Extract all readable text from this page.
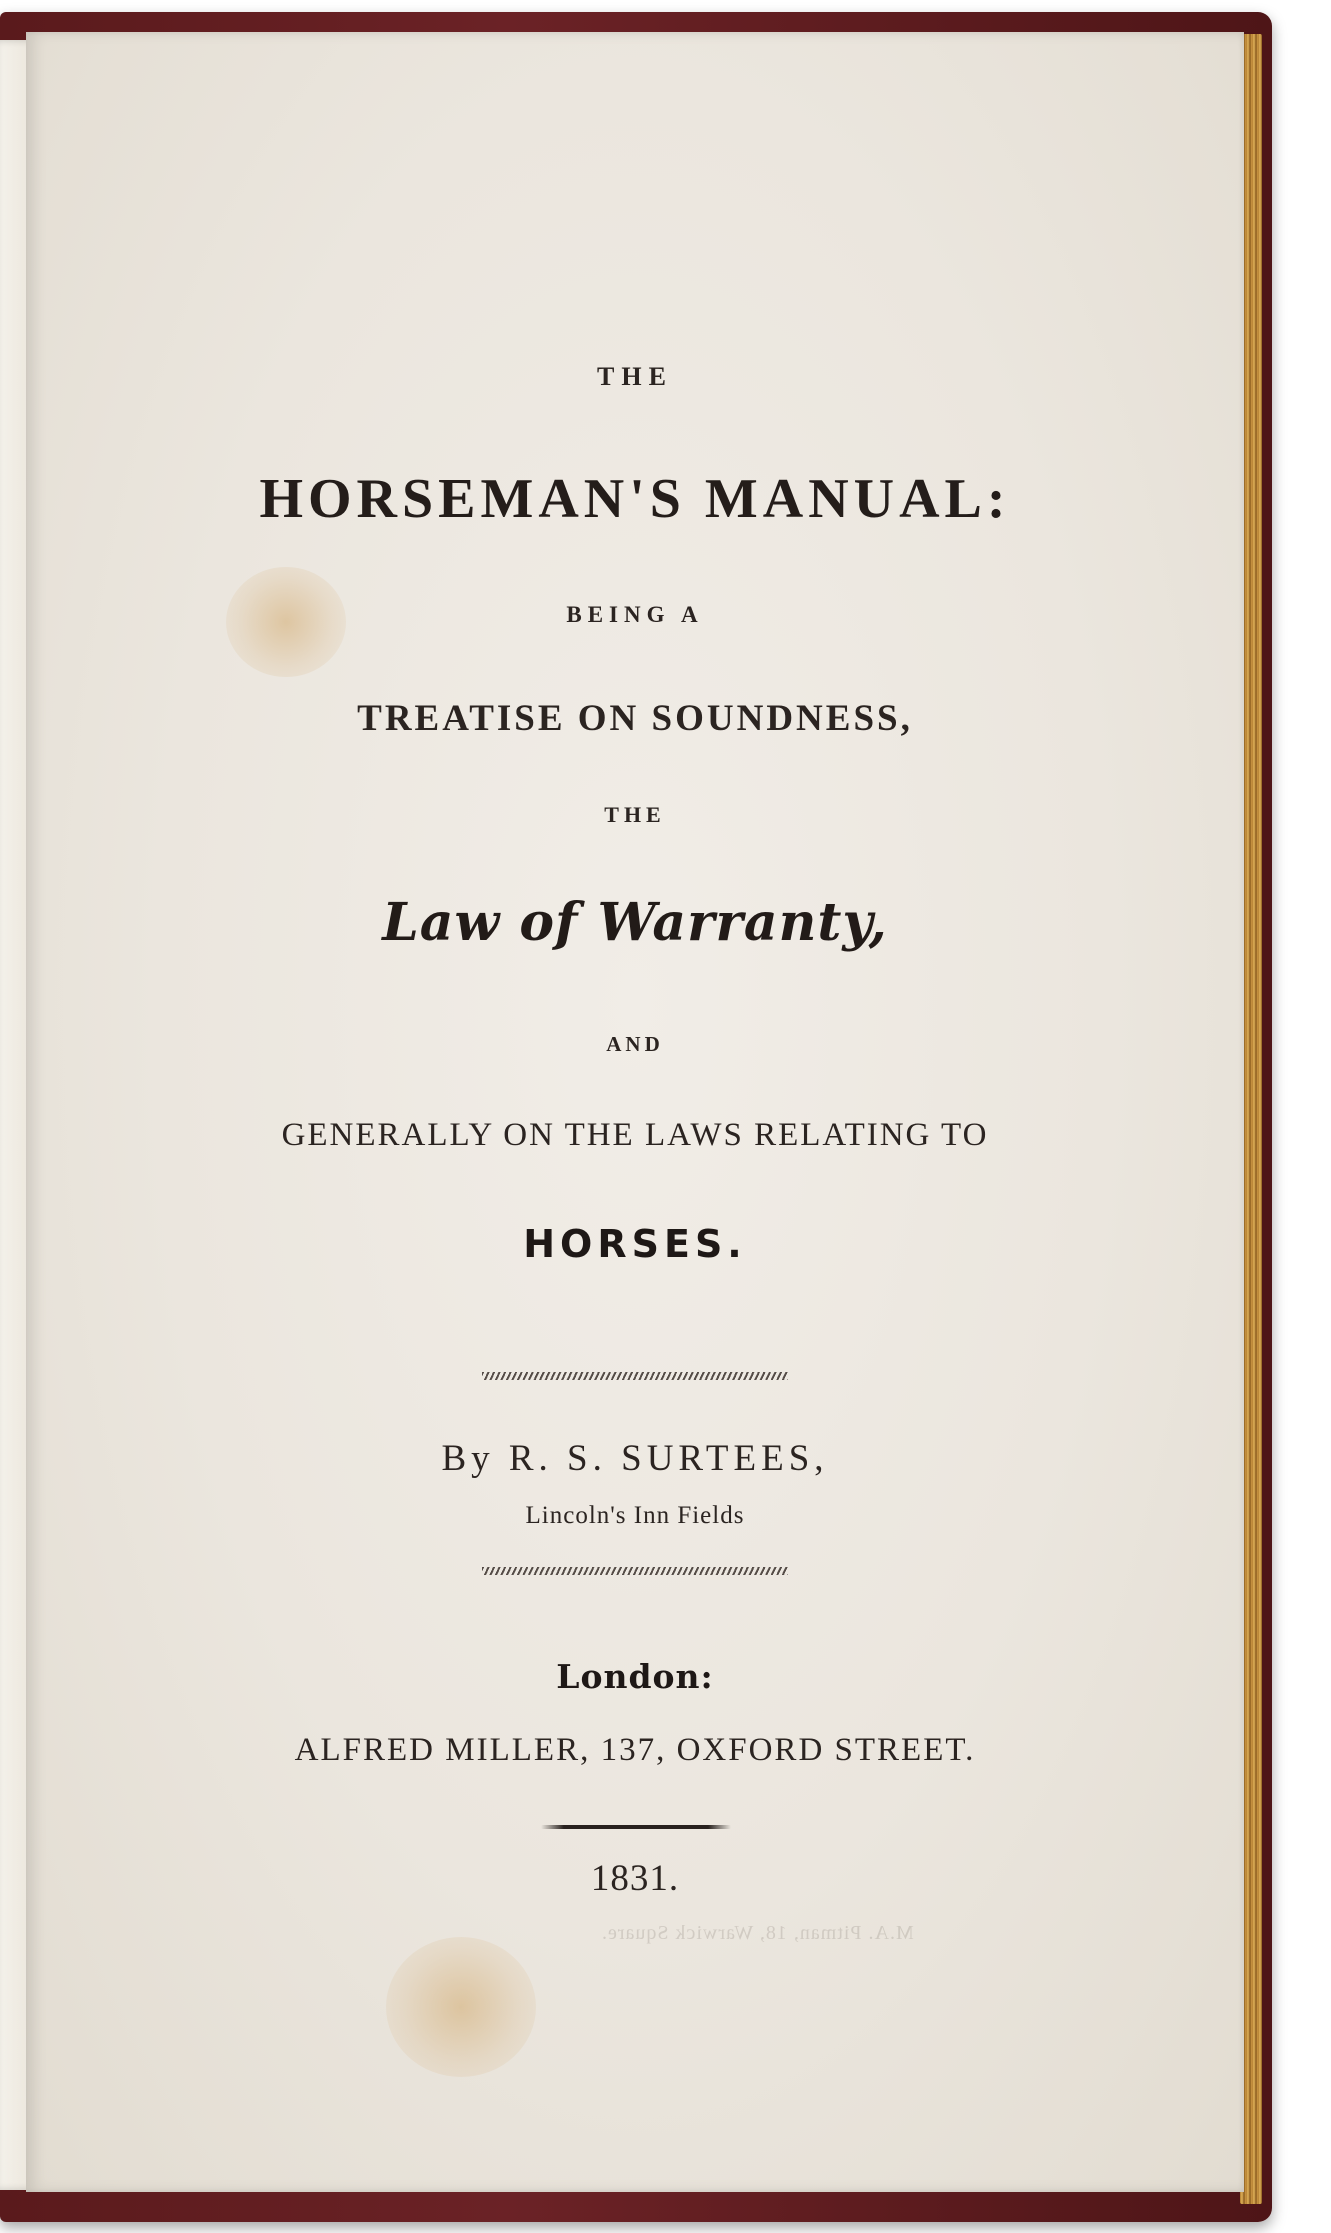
THE
HORSEMAN'S MANUAL:
BEING A
TREATISE ON SOUNDNESS,
THE
Law of Warranty,
AND
GENERALLY ON THE LAWS RELATING TO
HORSES.
By R. S. SURTEES,
Lincoln's Inn Fields
London:
ALFRED MILLER, 137, OXFORD STREET.
1831.
M.A. Pitman, 18, Warwick Square.
